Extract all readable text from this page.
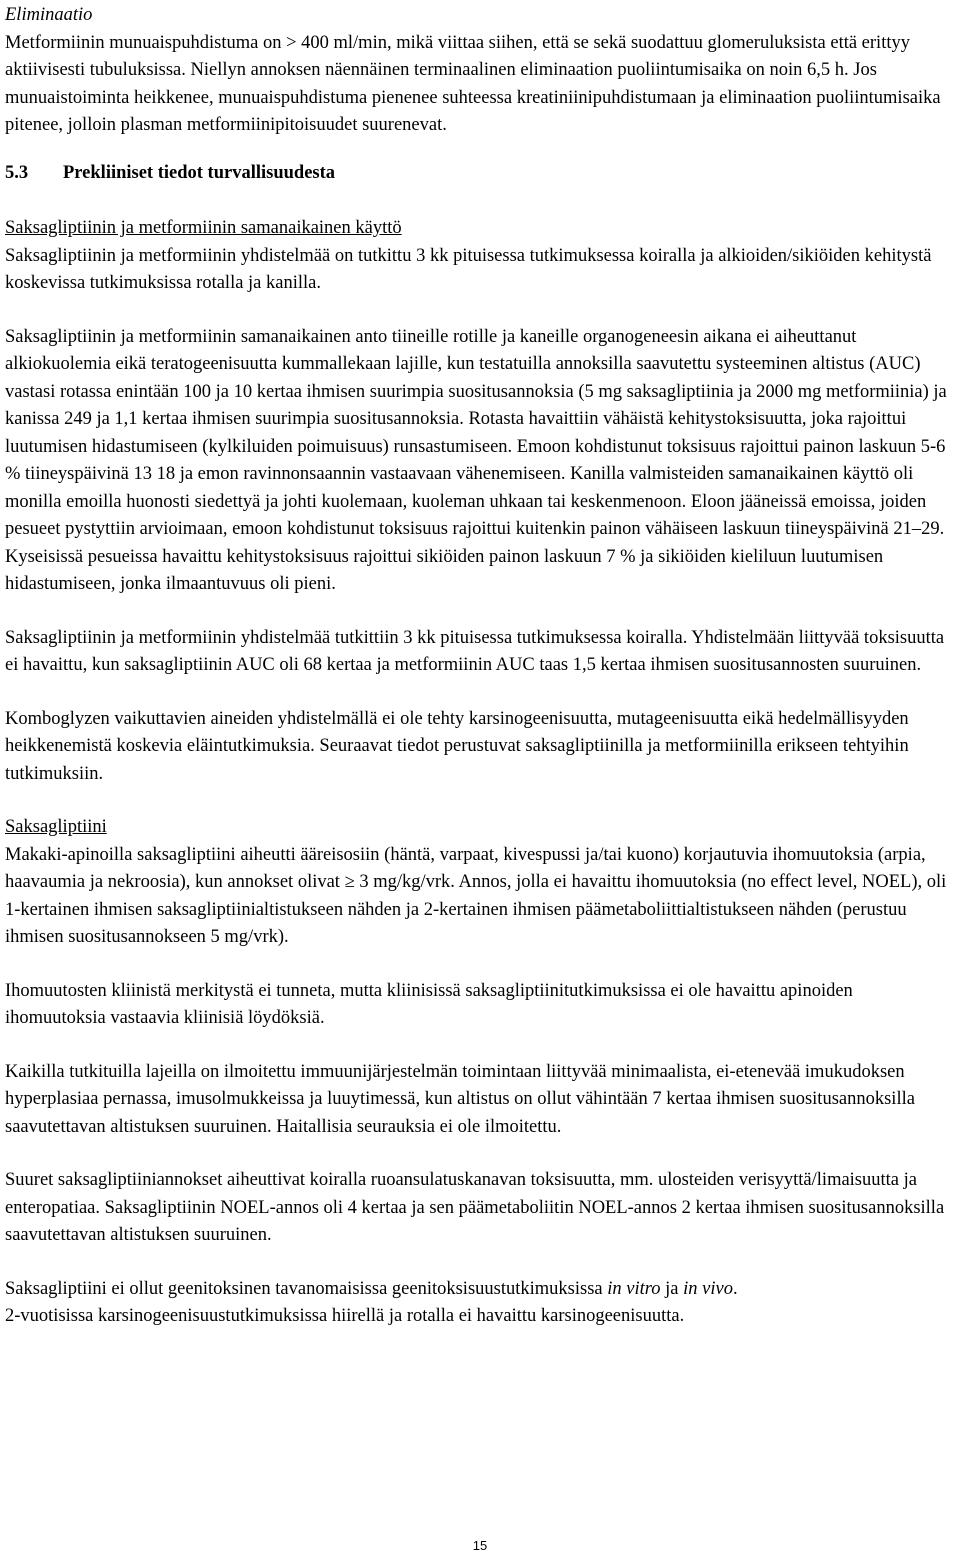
Eliminaatio

Metformiinin munuaispuhdistuma on > 400 ml/min, mikä viittaa siihen, että se sekä suodattuu glomeruluksista että erittyy aktiivisesti tubuluksissa. Niellyn annoksen näennäinen terminaalinen eliminaation puoliintumisaika on noin 6,5 h. Jos munuaistoiminta heikkenee, munuaispuhdistuma pienenee suhteessa kreatiniinipuhdistumaan ja eliminaation puoliintumisaika pitenee, jolloin plasman metformiinipitoisuudet suurenevat.

5.3 Prekliiniset tiedot turvallisuudesta

Saksagliptiinin ja metformiinin samanaikainen käyttö

Saksagliptiinin ja metformiinin yhdistelmää on tutkittu 3 kk pituisessa tutkimuksessa koiralla ja alkioiden/sikiöiden kehitystä koskevissa tutkimuksissa rotalla ja kanilla.

Saksagliptiinin ja metformiinin samanaikainen anto tiineille rotille ja kaneille organogeneesin aikana ei aiheuttanut alkiokuolemia eikä teratogeenisuutta kummallekaan lajille, kun testatuilla annoksilla saavutettu systeeminen altistus (AUC) vastasi rotassa enintään 100 ja 10 kertaa ihmisen suurimpia suositusannoksia (5 mg saksagliptiinia ja 2000 mg metformiinia) ja kanissa 249 ja 1,1 kertaa ihmisen suurimpia suositusannoksia. Rotasta havaittiin vähäistä kehitystoksisuutta, joka rajoittui luutumisen hidastumiseen (kylkiluiden poimuisuus) runsastumiseen. Emoon kohdistunut toksisuus rajoittui painon laskuun 5-6 % tiineyspäivinä 13 18 ja emon ravinnonsaannin vastaavaan vähenemiseen. Kanilla valmisteiden samanaikainen käyttö oli monilla emoilla huonosti siedettyä ja johti kuolemaan, kuoleman uhkaan tai keskenmenoon. Eloon jääneissä emoissa, joiden pesueet pystyttiin arvioimaan, emoon kohdistunut toksisuus rajoittui kuitenkin painon vähäiseen laskuun tiineyspäivinä 21–29. Kyseisissä pesueissa havaittu kehitystoksisuus rajoittui sikiöiden painon laskuun 7 % ja sikiöiden kieliluun luutumisen hidastumiseen, jonka ilmaantuvuus oli pieni.

Saksagliptiinin ja metformiinin yhdistelmää tutkittiin 3 kk pituisessa tutkimuksessa koiralla. Yhdistelmään liittyvää toksisuutta ei havaittu, kun saksagliptiinin AUC oli 68 kertaa ja metformiinin AUC taas 1,5 kertaa ihmisen suositusannosten suuruinen.

Komboglyzen vaikuttavien aineiden yhdistelmällä ei ole tehty karsinogeenisuutta, mutageenisuutta eikä hedelmällisyyden heikkenemistä koskevia eläintutkimuksia. Seuraavat tiedot perustuvat saksagliptiinilla ja metformiinilla erikseen tehtyihin tutkimuksiin.

Saksagliptiini

Makaki-apinoilla saksagliptiini aiheutti ääreisosiin (häntä, varpaat, kivespussi ja/tai kuono) korjautuvia ihomuutoksia (arpia, haavaumia ja nekroosia), kun annokset olivat ≥ 3 mg/kg/vrk. Annos, jolla ei havaittu ihomuutoksia (no effect level, NOEL), oli 1-kertainen ihmisen saksagliptiinialtistukseen nähden ja 2-kertainen ihmisen päämetaboliittialtistukseen nähden (perustuu ihmisen suositusannokseen 5 mg/vrk).

Ihomuutosten kliinistä merkitystä ei tunneta, mutta kliinisissä saksagliptiinitutkimuksissa ei ole havaittu apinoiden ihomuutoksia vastaavia kliinisiä löydöksiä.

Kaikilla tutkituilla lajeilla on ilmoitettu immuunijärjestelmän toimintaan liittyvää minimaalista, ei-etenevää imukudoksen hyperplasiaa pernassa, imusolmukkeissa ja luuytimessä, kun altistus on ollut vähintään 7 kertaa ihmisen suositusannoksilla saavutettavan altistuksen suuruinen. Haitallisia seurauksia ei ole ilmoitettu.

Suuret saksagliptiiniannokset aiheuttivat koiralla ruoansulatuskanavan toksisuutta, mm. ulosteiden verisyyttä/limaisuutta ja enteropatiaa. Saksagliptiinin NOEL-annos oli 4 kertaa ja sen päämetaboliitin NOEL-annos 2 kertaa ihmisen suositusannoksilla saavutettavan altistuksen suuruinen.

Saksagliptiini ei ollut geenitoksinen tavanomaisissa geenitoksisuustutkimuksissa in vitro ja in vivo.

2-vuotisissa karsinogeenisuustutkimuksissa hiirellä ja rotalla ei havaittu karsinogeenisuutta.

15
